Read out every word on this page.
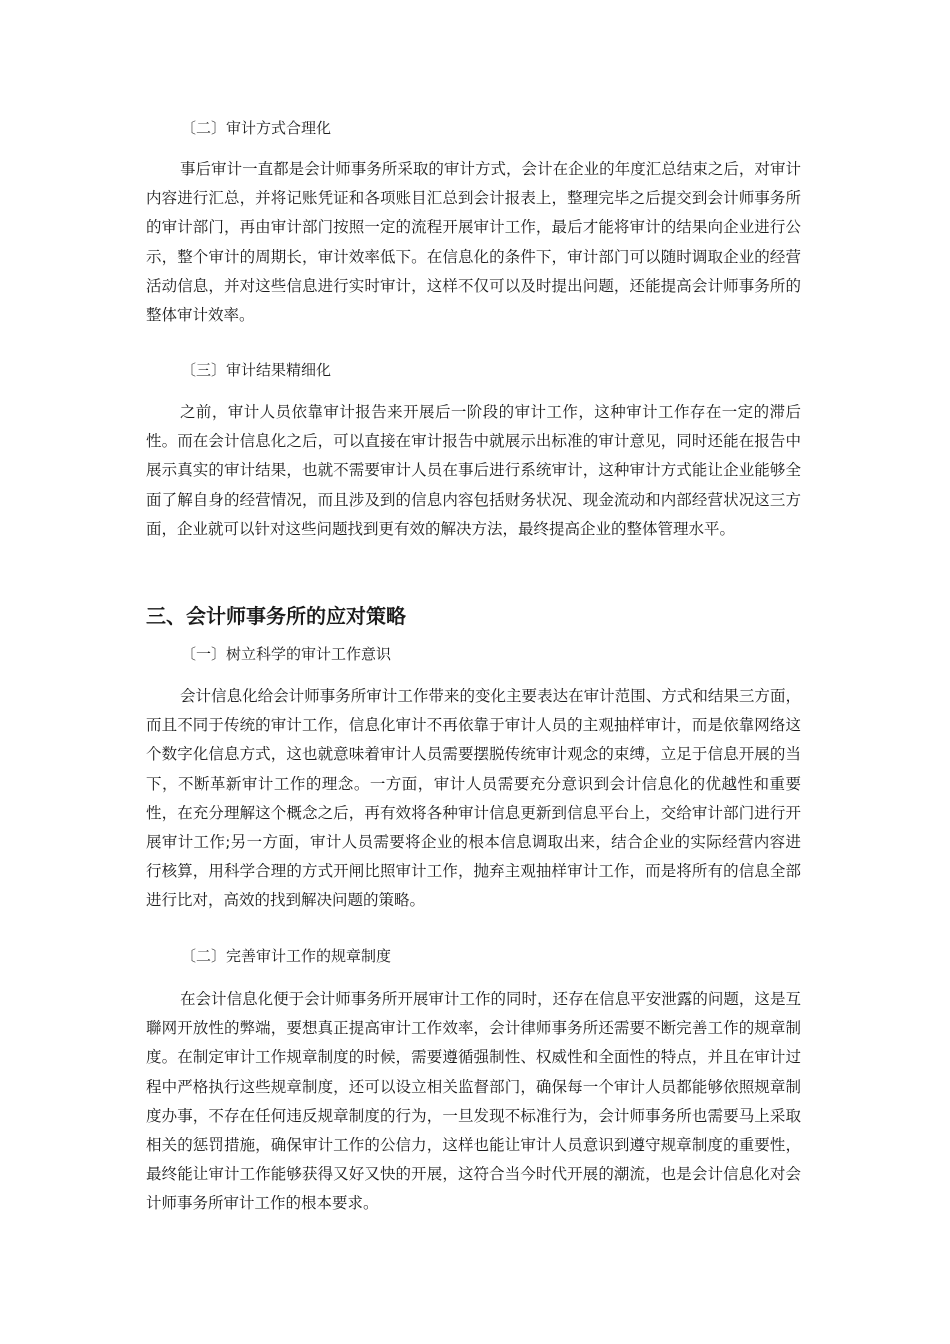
〔二〕审计方式合理化

事后审计一直都是会计师事务所采取的审计方式，会计在企业的年度汇总结束之后，对审计内容进行汇总，并将记账凭证和各项账目汇总到会计报表上，整理完毕之后提交到会计师事务所的审计部门，再由审计部门按照一定的流程开展审计工作，最后才能将审计的结果向企业进行公示，整个审计的周期长，审计效率低下。在信息化的条件下，审计部门可以随时调取企业的经营活动信息，并对这些信息进行实时审计，这样不仅可以及时提出问题，还能提高会计师事务所的整体审计效率。

〔三〕审计结果精细化

之前，审计人员依靠审计报告来开展后一阶段的审计工作，这种审计工作存在一定的滞后性。而在会计信息化之后，可以直接在审计报告中就展示出标准的审计意见，同时还能在报告中展示真实的审计结果，也就不需要审计人员在事后进行系统审计，这种审计方式能让企业能够全面了解自身的经营情况，而且涉及到的信息内容包括财务状况、现金流动和内部经营状况这三方面，企业就可以针对这些问题找到更有效的解决方法，最终提高企业的整体管理水平。

三、会计师事务所的应对策略
〔一〕树立科学的审计工作意识

会计信息化给会计师事务所审计工作带来的变化主要表达在审计范围、方式和结果三方面，而且不同于传统的审计工作，信息化审计不再依靠于审计人员的主观抽样审计，而是依靠网络这个数字化信息方式，这也就意味着审计人员需要摆脱传统审计观念的束缚，立足于信息开展的当下，不断革新审计工作的理念。一方面，审计人员需要充分意识到会计信息化的优越性和重要性，在充分理解这个概念之后，再有效将各种审计信息更新到信息平台上，交给审计部门进行开展审计工作;另一方面，审计人员需要将企业的根本信息调取出来，结合企业的实际经营内容进行核算，用科学合理的方式开闸比照审计工作，抛弃主观抽样审计工作，而是将所有的信息全部进行比对，高效的找到解决问题的策略。

〔二〕完善审计工作的规章制度

在会计信息化便于会计师事务所开展审计工作的同时，还存在信息平安泄露的问题，这是互聯网开放性的弊端，要想真正提高审计工作效率，会计律师事务所还需要不断完善工作的规章制度。在制定审计工作规章制度的时候，需要遵循强制性、权威性和全面性的特点，并且在审计过程中严格执行这些规章制度，还可以设立相关监督部门，确保每一个审计人员都能够依照规章制度办事，不存在任何违反规章制度的行为，一旦发现不标准行为，会计师事务所也需要马上采取相关的惩罚措施，确保审计工作的公信力，这样也能让审计人员意识到遵守规章制度的重要性，最终能让审计工作能够获得又好又快的开展，这符合当今时代开展的潮流，也是会计信息化对会计师事务所审计工作的根本要求。
